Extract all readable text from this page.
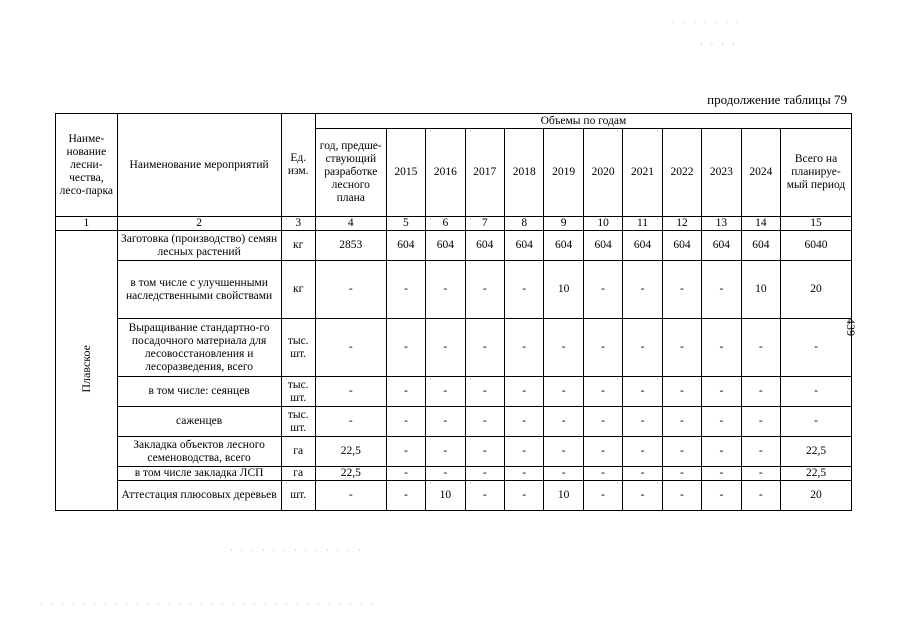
· · · · · · ·
· · · ·
· · · · · · · · · · · · ·
· · · · · · · · · · · · · · · · · · · · · · · · · · · · · · · ·
439
продолжение таблицы 79
Наиме-нование лесни-чества, лесо-парка	Наименование мероприятий	Ед. изм.	Объемы по годам											
			год, предше-ствующий разработке лесного плана	2015	2016	2017	2018	2019	2020	2021	2022	2023	2024	Всего на планируе-мый период
1	2	3	4	5	6	7	8	9	10	11	12	13	14	15
Плавское	Заготовка (производство) семян лесных растений	кг	2853	604	604	604	604	604	604	604	604	604	604	6040
	в том числе с улучшенными наследственными свойствами	кг	-	-	-	-	-	10	-	-	-	-	10	20
	Выращивание стандартно-го посадочного материала для лесовосстановления и лесоразведения, всего	тыс. шт.	-	-	-	-	-	-	-	-	-	-	-	-
	в том числе: сеянцев	тыс. шт.	-	-	-	-	-	-	-	-	-	-	-	-
	саженцев	тыс. шт.	-	-	-	-	-	-	-	-	-	-	-	-
	Закладка объектов лесного семеноводства, всего	га	22,5	-	-	-	-	-	-	-	-	-	-	22,5
	в том числе закладка ЛСП	га	22,5	-	-	-	-	-	-	-	-	-	-	22,5
	Аттестация плюсовых деревьев	шт.	-	-	10	-	-	10	-	-	-	-	-	20
